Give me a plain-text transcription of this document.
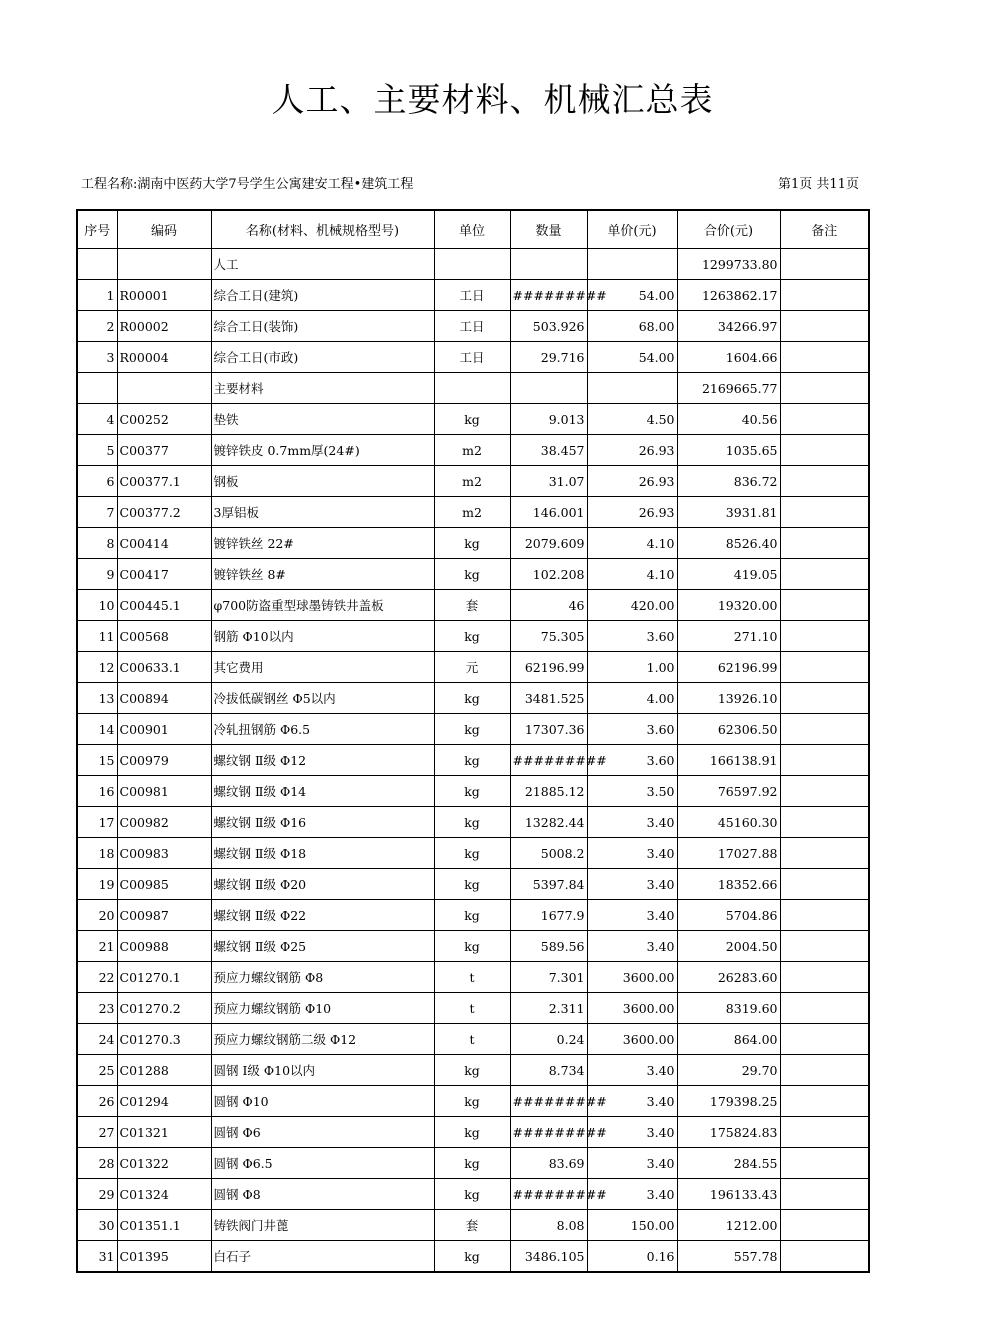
人工、主要材料、机械汇总表
工程名称:湖南中医药大学7号学生公寓建安工程•建筑工程	第1页 共11页
序号	编码	名称(材料、机械规格型号)	单位	数量	单价(元)	合价(元)	备注
		人工				1299733.80	
1	R00001	综合工日(建筑)	工日	#########	54.00	1263862.17	
2	R00002	综合工日(装饰)	工日	503.926	68.00	34266.97	
3	R00004	综合工日(市政)	工日	29.716	54.00	1604.66	
		主要材料				2169665.77	
4	C00252	垫铁	kg	9.013	4.50	40.56	
5	C00377	镀锌铁皮 0.7mm厚(24#)	m2	38.457	26.93	1035.65	
6	C00377.1	钢板	m2	31.07	26.93	836.72	
7	C00377.2	3厚铝板	m2	146.001	26.93	3931.81	
8	C00414	镀锌铁丝 22#	kg	2079.609	4.10	8526.40	
9	C00417	镀锌铁丝 8#	kg	102.208	4.10	419.05	
10	C00445.1	φ700防盗重型球墨铸铁井盖板	套	46	420.00	19320.00	
11	C00568	钢筋 Φ10以内	kg	75.305	3.60	271.10	
12	C00633.1	其它费用	元	62196.99	1.00	62196.99	
13	C00894	冷拔低碳钢丝 Φ5以内	kg	3481.525	4.00	13926.10	
14	C00901	冷轧扭钢筋 Φ6.5	kg	17307.36	3.60	62306.50	
15	C00979	螺纹钢 Ⅱ级 Φ12	kg	#########	3.60	166138.91	
16	C00981	螺纹钢 Ⅱ级 Φ14	kg	21885.12	3.50	76597.92	
17	C00982	螺纹钢 Ⅱ级 Φ16	kg	13282.44	3.40	45160.30	
18	C00983	螺纹钢 Ⅱ级 Φ18	kg	5008.2	3.40	17027.88	
19	C00985	螺纹钢 Ⅱ级 Φ20	kg	5397.84	3.40	18352.66	
20	C00987	螺纹钢 Ⅱ级 Φ22	kg	1677.9	3.40	5704.86	
21	C00988	螺纹钢 Ⅱ级 Φ25	kg	589.56	3.40	2004.50	
22	C01270.1	预应力螺纹钢筋 Φ8	t	7.301	3600.00	26283.60	
23	C01270.2	预应力螺纹钢筋 Φ10	t	2.311	3600.00	8319.60	
24	C01270.3	预应力螺纹钢筋二级 Φ12	t	0.24	3600.00	864.00	
25	C01288	圆钢 Ⅰ级 Φ10以内	kg	8.734	3.40	29.70	
26	C01294	圆钢 Φ10	kg	#########	3.40	179398.25	
27	C01321	圆钢 Φ6	kg	#########	3.40	175824.83	
28	C01322	圆钢 Φ6.5	kg	83.69	3.40	284.55	
29	C01324	圆钢 Φ8	kg	#########	3.40	196133.43	
30	C01351.1	铸铁阀门井蓖	套	8.08	150.00	1212.00	
31	C01395	白石子	kg	3486.105	0.16	557.78	
